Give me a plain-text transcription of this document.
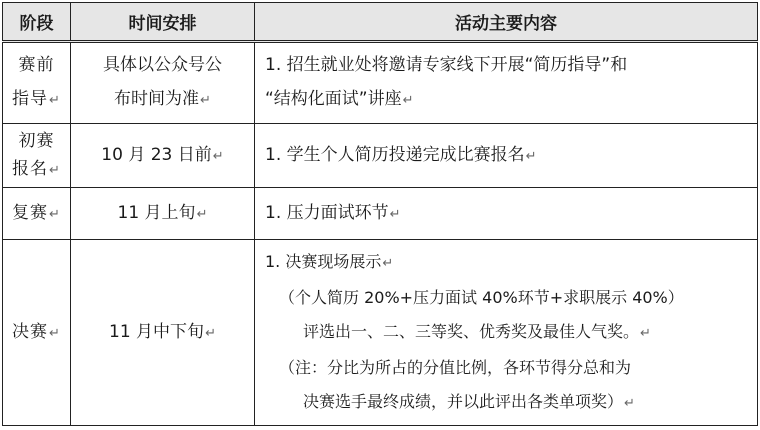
阶段	时间安排	活动主要内容

赛前
指导↵	具体以公众号公
布时间为准↵	1. 招生就业处将邀请专家线下开展“简历指导”和
“结构化面试”讲座↵

初赛
报名↵	10 月 23 日前↵	1. 学生个人简历投递完成比赛报名↵
复赛↵	11 月上旬↵	1. 压力面试环节↵
决赛↵	11 月中下旬↵	1. 决赛现场展示↵
（个人简历 20%+压力面试 40%环节+求职展示 40%）
评选出一、二、三等奖、优秀奖及最佳人气奖。↵
（注：分比为所占的分值比例，各环节得分总和为
决赛选手最终成绩，并以此评出各类单项奖）↵
